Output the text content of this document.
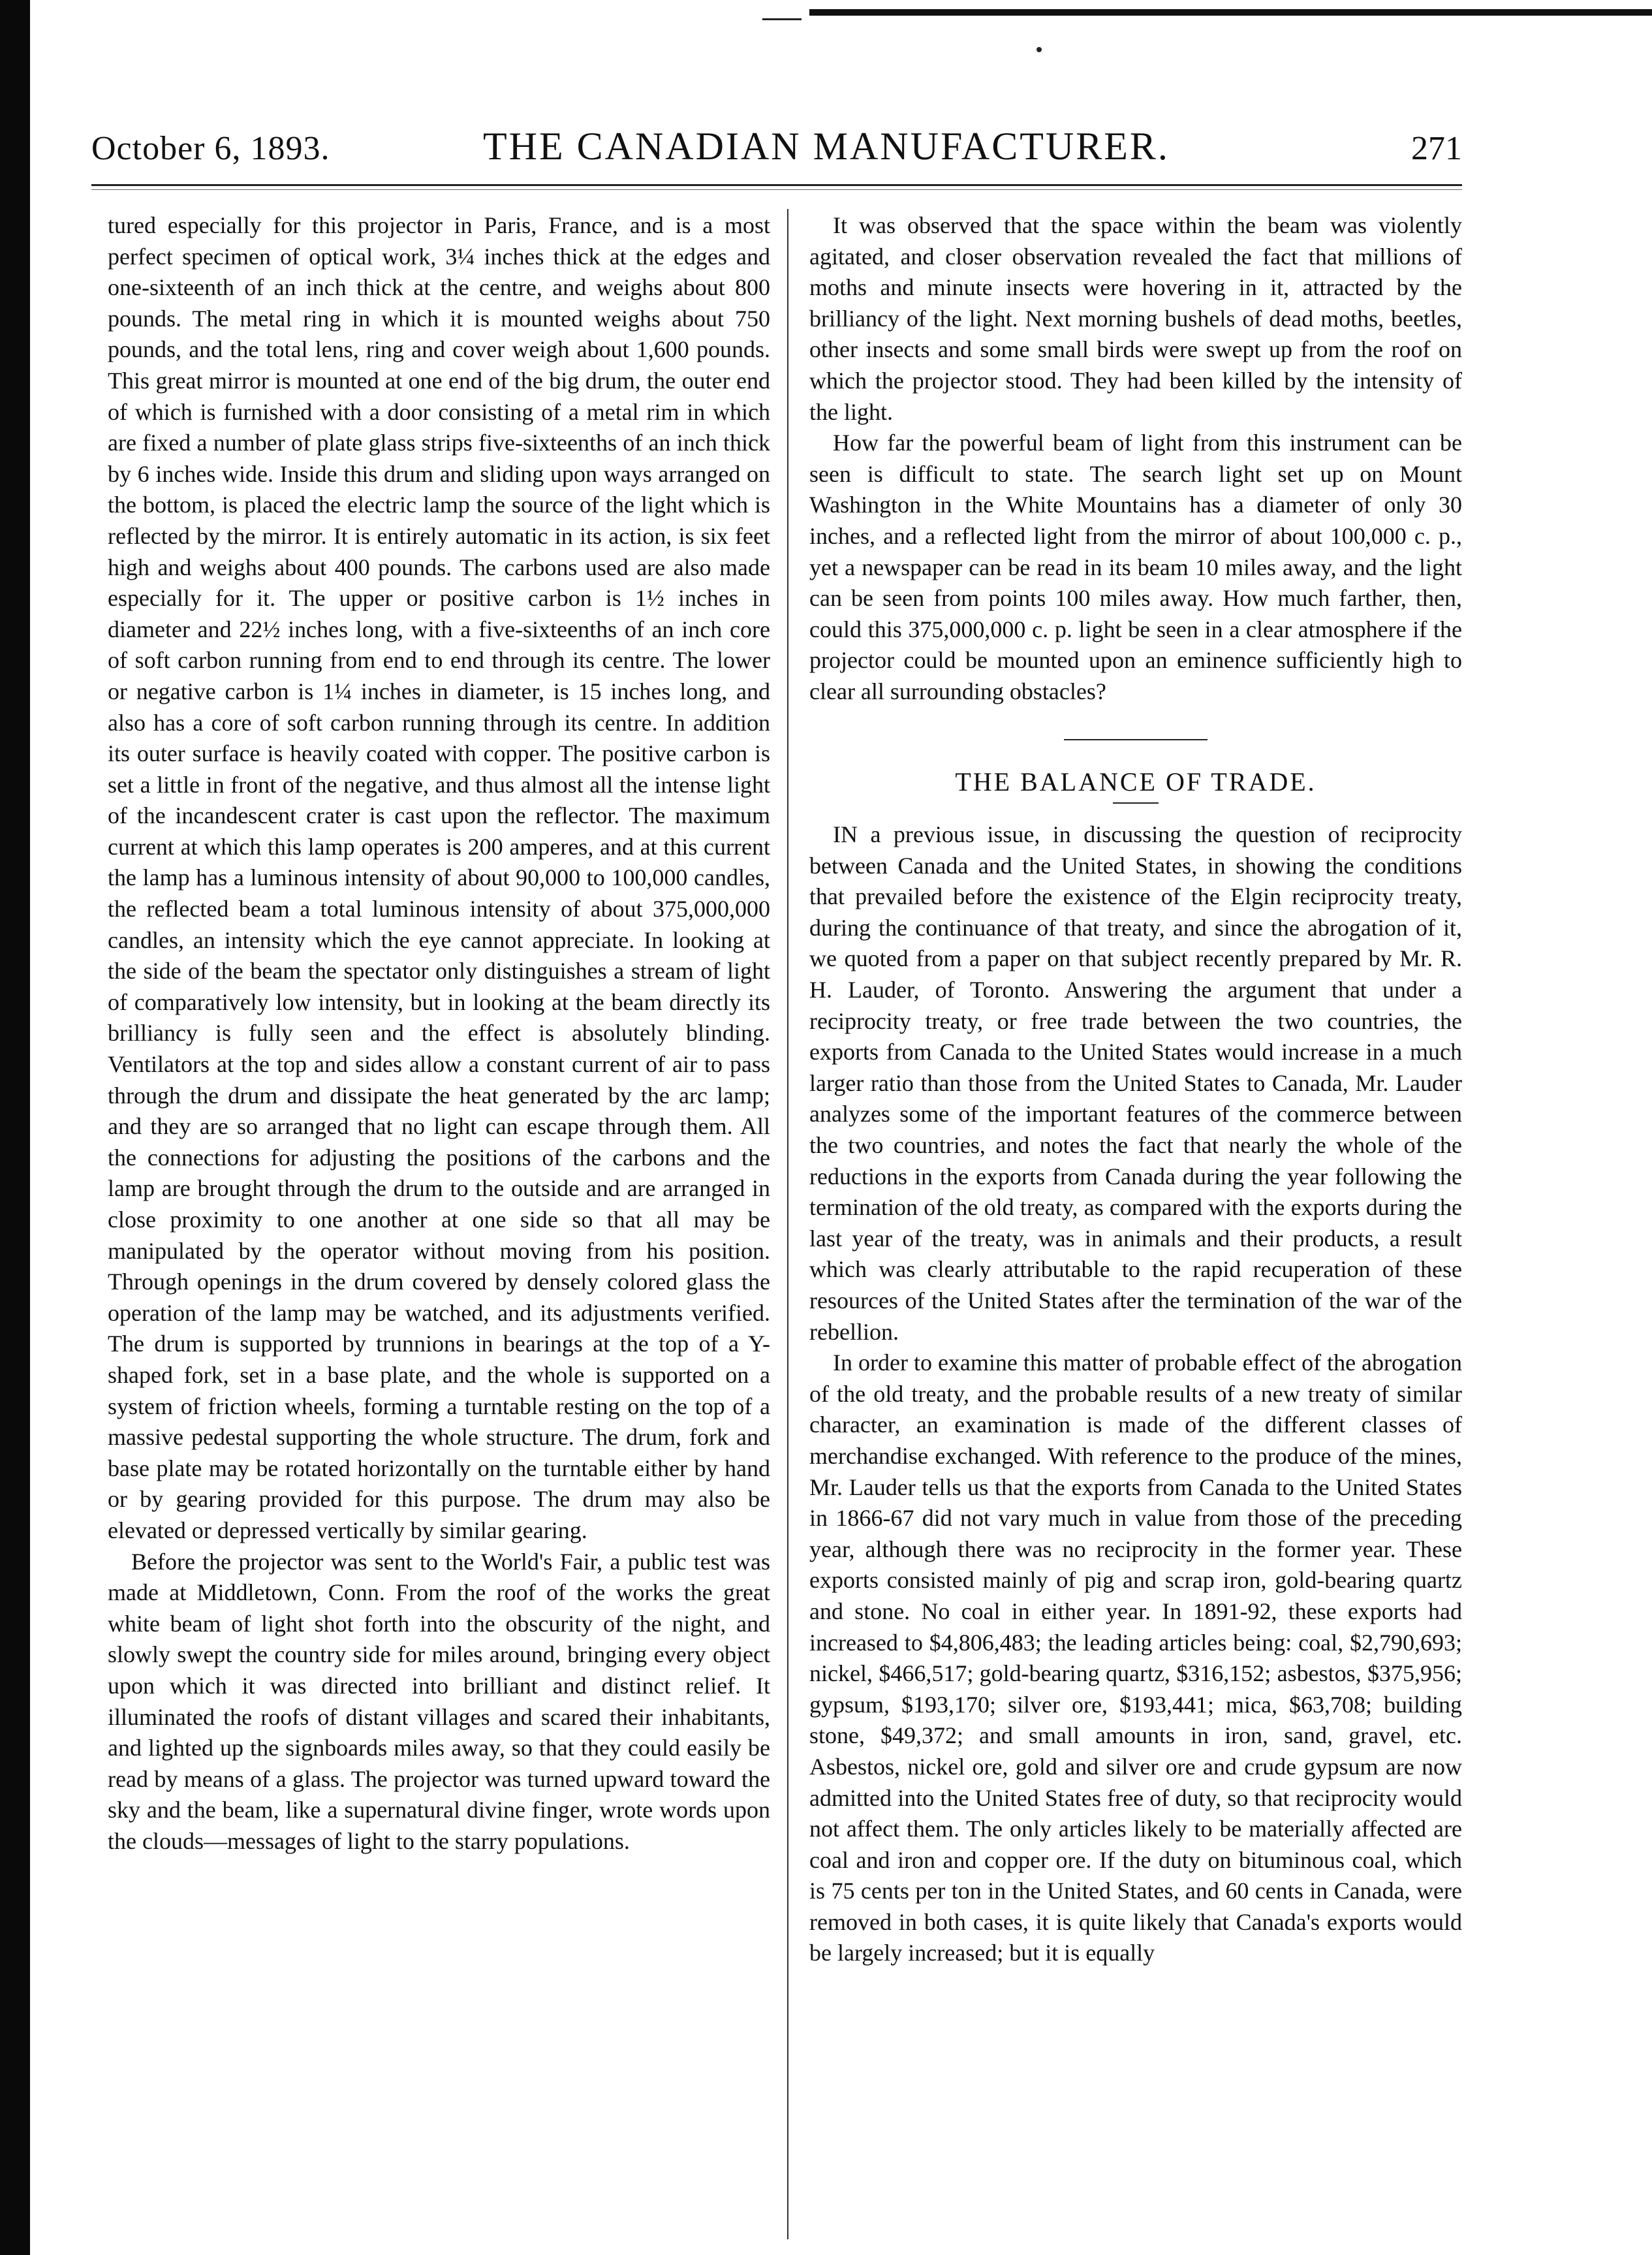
October 6, 1893.	THE CANADIAN MANUFACTURER.	271

tured especially for this projector in Paris, France, and is a most perfect specimen of optical work, 3¼ inches thick at the edges and one-sixteenth of an inch thick at the centre, and weighs about 800 pounds. The metal ring in which it is mounted weighs about 750 pounds, and the total lens, ring and cover weigh about 1,600 pounds. This great mirror is mounted at one end of the big drum, the outer end of which is furnished with a door consisting of a metal rim in which are fixed a number of plate glass strips five-sixteenths of an inch thick by 6 inches wide. Inside this drum and sliding upon ways arranged on the bottom, is placed the electric lamp the source of the light which is reflected by the mirror. It is entirely automatic in its action, is six feet high and weighs about 400 pounds. The carbons used are also made especially for it. The upper or positive carbon is 1½ inches in diameter and 22½ inches long, with a five-sixteenths of an inch core of soft carbon running from end to end through its centre. The lower or negative carbon is 1¼ inches in diameter, is 15 inches long, and also has a core of soft carbon running through its centre. In addition its outer surface is heavily coated with copper. The positive carbon is set a little in front of the negative, and thus almost all the intense light of the incandescent crater is cast upon the reflector. The maximum current at which this lamp operates is 200 amperes, and at this current the lamp has a luminous intensity of about 90,000 to 100,000 candles, the reflected beam a total luminous intensity of about 375,000,000 candles, an intensity which the eye cannot appreciate. In looking at the side of the beam the spectator only distinguishes a stream of light of comparatively low intensity, but in looking at the beam directly its brilliancy is fully seen and the effect is absolutely blinding. Ventilators at the top and sides allow a constant current of air to pass through the drum and dissipate the heat generated by the arc lamp; and they are so arranged that no light can escape through them. All the connections for adjusting the positions of the carbons and the lamp are brought through the drum to the outside and are arranged in close proximity to one another at one side so that all may be manipulated by the operator without moving from his position. Through openings in the drum covered by densely colored glass the operation of the lamp may be watched, and its adjustments verified. The drum is supported by trunnions in bearings at the top of a Y-shaped fork, set in a base plate, and the whole is supported on a system of friction wheels, forming a turntable resting on the top of a massive pedestal supporting the whole structure. The drum, fork and base plate may be rotated horizontally on the turntable either by hand or by gearing provided for this purpose. The drum may also be elevated or depressed vertically by similar gearing.

Before the projector was sent to the World's Fair, a public test was made at Middletown, Conn. From the roof of the works the great white beam of light shot forth into the obscurity of the night, and slowly swept the country side for miles around, bringing every object upon which it was directed into brilliant and distinct relief. It illuminated the roofs of distant villages and scared their inhabitants, and lighted up the signboards miles away, so that they could easily be read by means of a glass. The projector was turned upward toward the sky and the beam, like a supernatural divine finger, wrote words upon the clouds—messages of light to the starry populations.

It was observed that the space within the beam was violently agitated, and closer observation revealed the fact that millions of moths and minute insects were hovering in it, attracted by the brilliancy of the light. Next morning bushels of dead moths, beetles, other insects and some small birds were swept up from the roof on which the projector stood. They had been killed by the intensity of the light.

How far the powerful beam of light from this instrument can be seen is difficult to state. The search light set up on Mount Washington in the White Mountains has a diameter of only 30 inches, and a reflected light from the mirror of about 100,000 c. p., yet a newspaper can be read in its beam 10 miles away, and the light can be seen from points 100 miles away. How much farther, then, could this 375,000,000 c. p. light be seen in a clear atmosphere if the projector could be mounted upon an eminence sufficiently high to clear all surrounding obstacles?

THE BALANCE OF TRADE.

IN a previous issue, in discussing the question of reciprocity between Canada and the United States, in showing the conditions that prevailed before the existence of the Elgin reciprocity treaty, during the continuance of that treaty, and since the abrogation of it, we quoted from a paper on that subject recently prepared by Mr. R. H. Lauder, of Toronto. Answering the argument that under a reciprocity treaty, or free trade between the two countries, the exports from Canada to the United States would increase in a much larger ratio than those from the United States to Canada, Mr. Lauder analyzes some of the important features of the commerce between the two countries, and notes the fact that nearly the whole of the reductions in the exports from Canada during the year following the termination of the old treaty, as compared with the exports during the last year of the treaty, was in animals and their products, a result which was clearly attributable to the rapid recuperation of these resources of the United States after the termination of the war of the rebellion.

In order to examine this matter of probable effect of the abrogation of the old treaty, and the probable results of a new treaty of similar character, an examination is made of the different classes of merchandise exchanged. With reference to the produce of the mines, Mr. Lauder tells us that the exports from Canada to the United States in 1866-67 did not vary much in value from those of the preceding year, although there was no reciprocity in the former year. These exports consisted mainly of pig and scrap iron, gold-bearing quartz and stone. No coal in either year. In 1891-92, these exports had increased to $4,806,483; the leading articles being: coal, $2,790,693; nickel, $466,517; gold-bearing quartz, $316,152; asbestos, $375,956; gypsum, $193,170; silver ore, $193,441; mica, $63,708; building stone, $49,372; and small amounts in iron, sand, gravel, etc. Asbestos, nickel ore, gold and silver ore and crude gypsum are now admitted into the United States free of duty, so that reciprocity would not affect them. The only articles likely to be materially affected are coal and iron and copper ore. If the duty on bituminous coal, which is 75 cents per ton in the United States, and 60 cents in Canada, were removed in both cases, it is quite likely that Canada's exports would be largely increased; but it is equally
